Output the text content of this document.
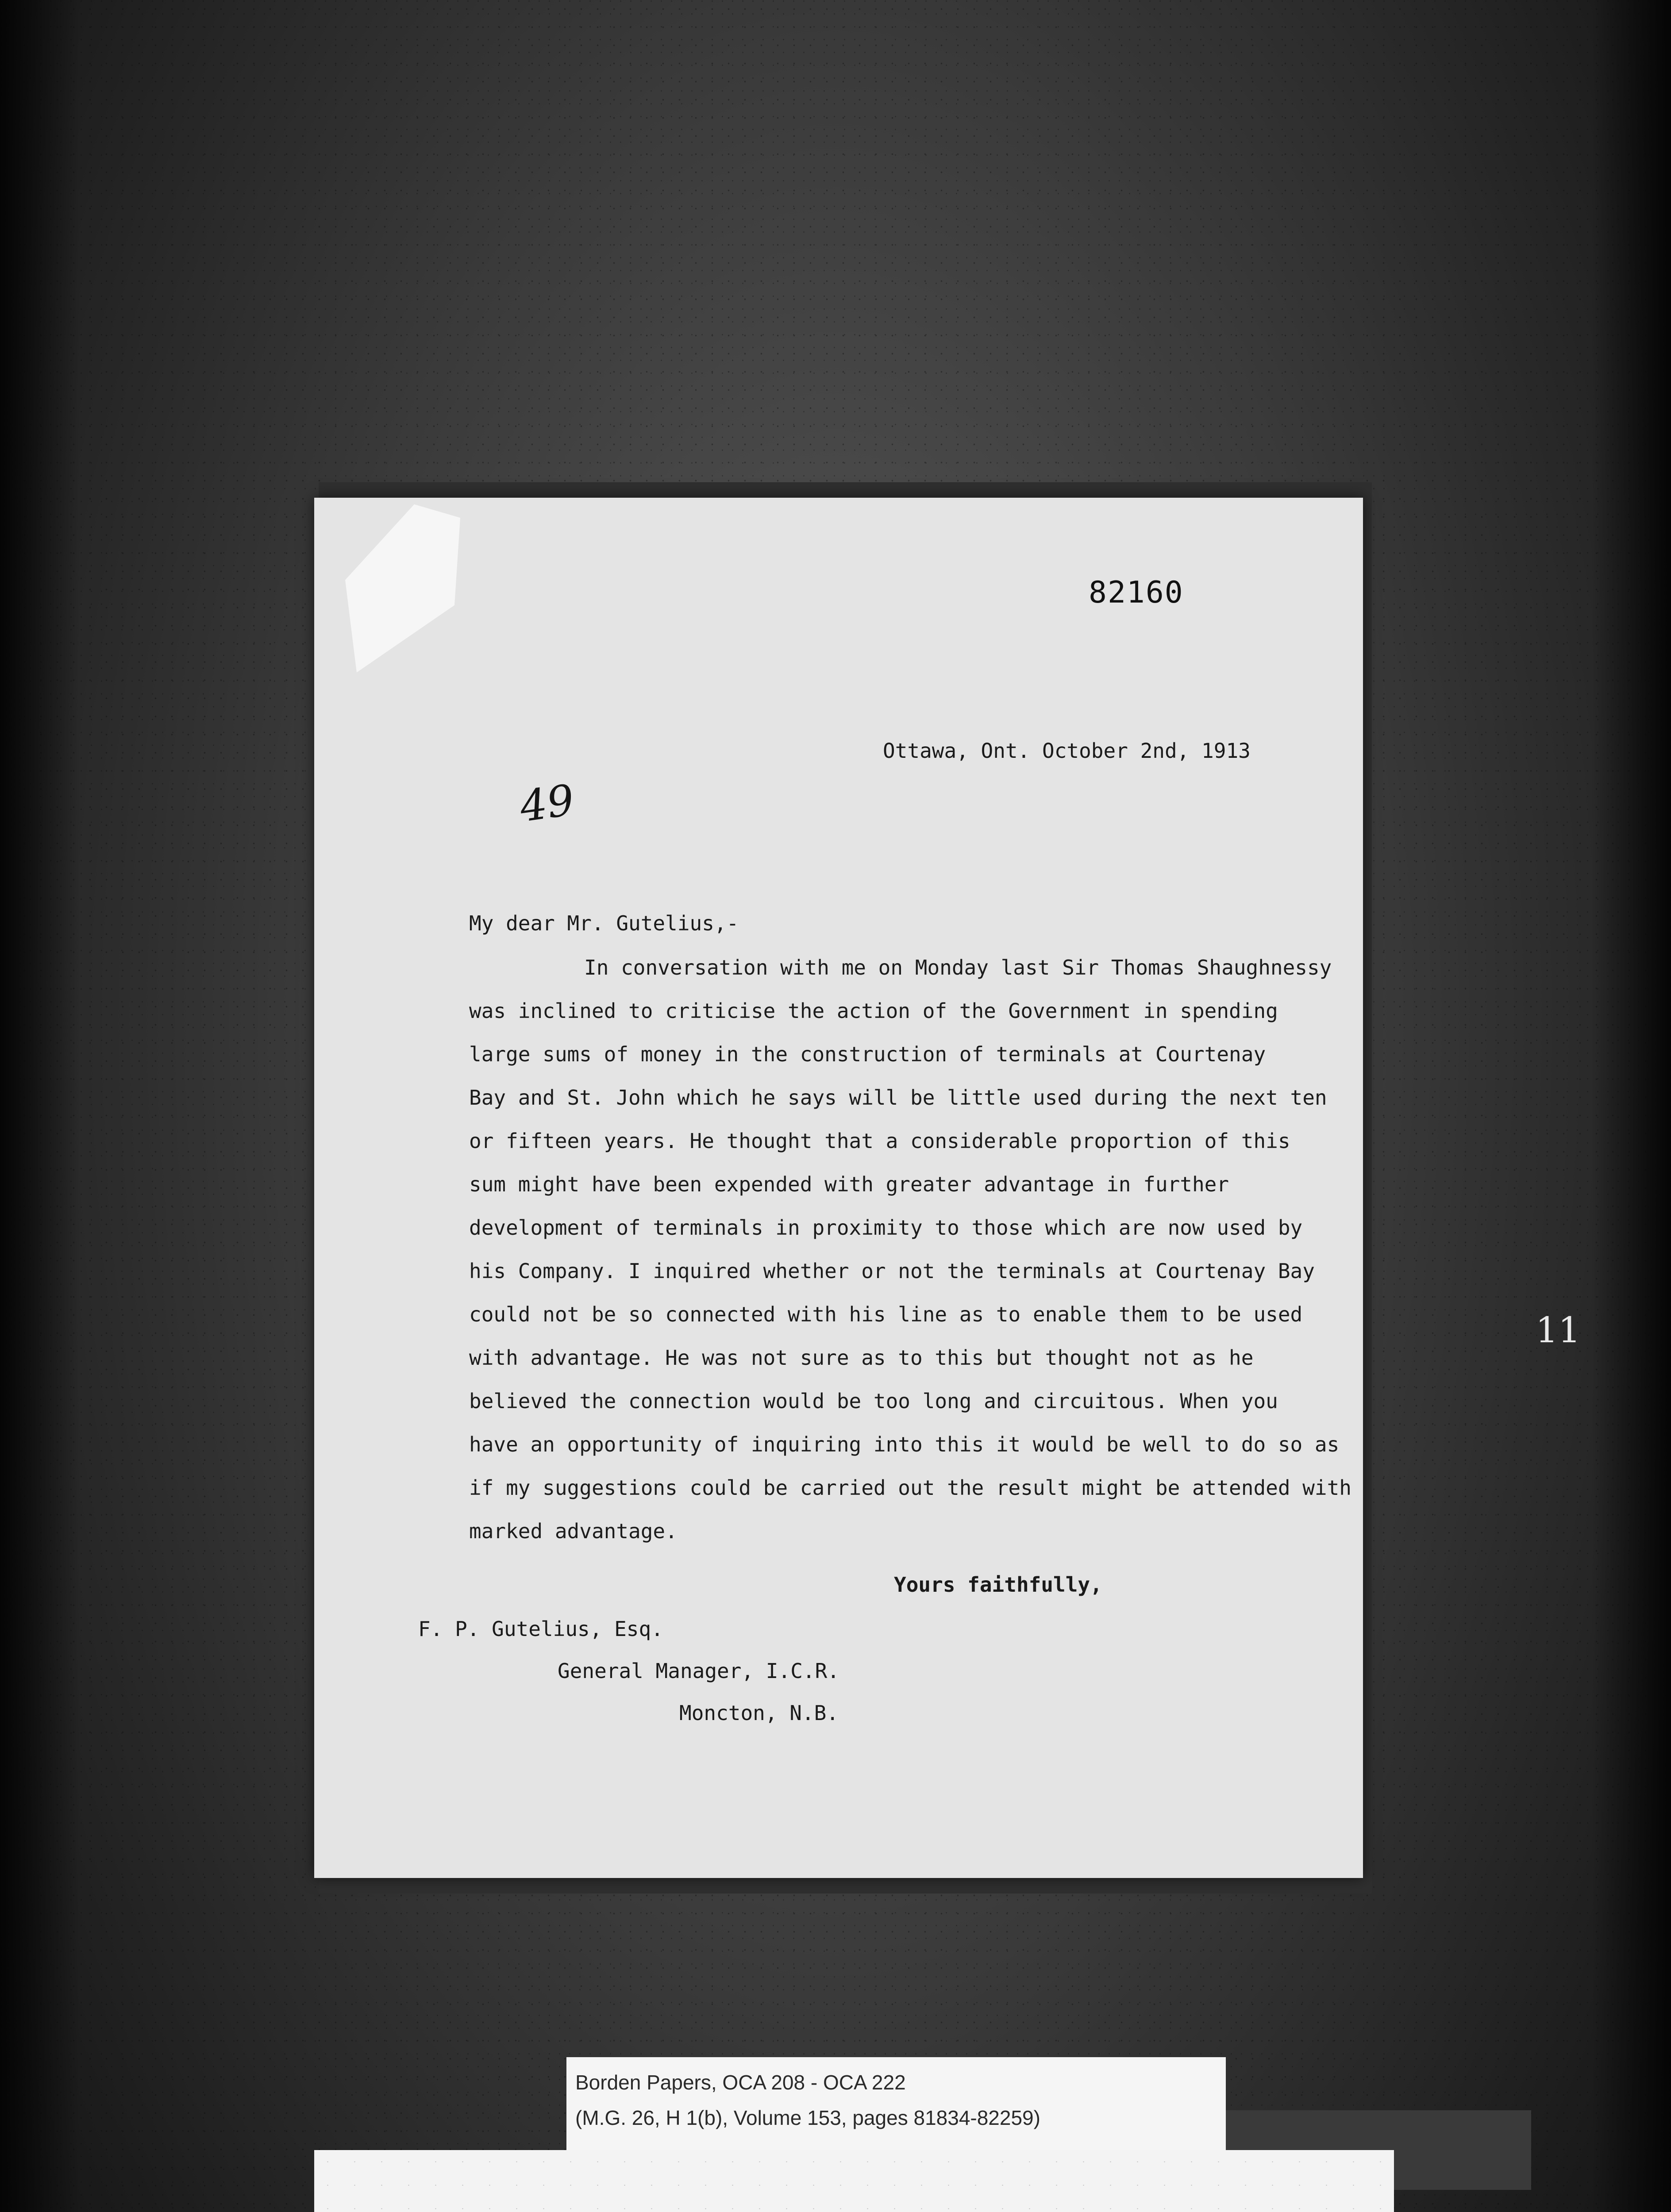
82160
Ottawa, Ont. October 2nd, 1913
49
My dear Mr. Gutelius,-
In conversation with me on Monday last Sir Thomas Shaughnessy
was inclined to criticise the action of the Government in spending
large sums of money in the construction of terminals at Courtenay
Bay and St. John which he says will be little used during the next ten
or fifteen years. He thought that a considerable proportion of this
sum might have been expended with greater advantage in further
development of terminals in proximity to those which are now used by
his Company. I inquired whether or not the terminals at Courtenay Bay
could not be so connected with his line as to enable them to be used
with advantage. He was not sure as to this but thought not as he
believed the connection would be too long and circuitous. When you
have an opportunity of inquiring into this it would be well to do so as
if my suggestions could be carried out the result might be attended with
marked advantage.
Yours faithfully,
F. P. Gutelius, Esq.
General Manager, I.C.R.
Moncton, N.B.
11
Borden Papers, OCA 208 - OCA 222
(M.G. 26, H 1(b), Volume 153, pages 81834-82259)
